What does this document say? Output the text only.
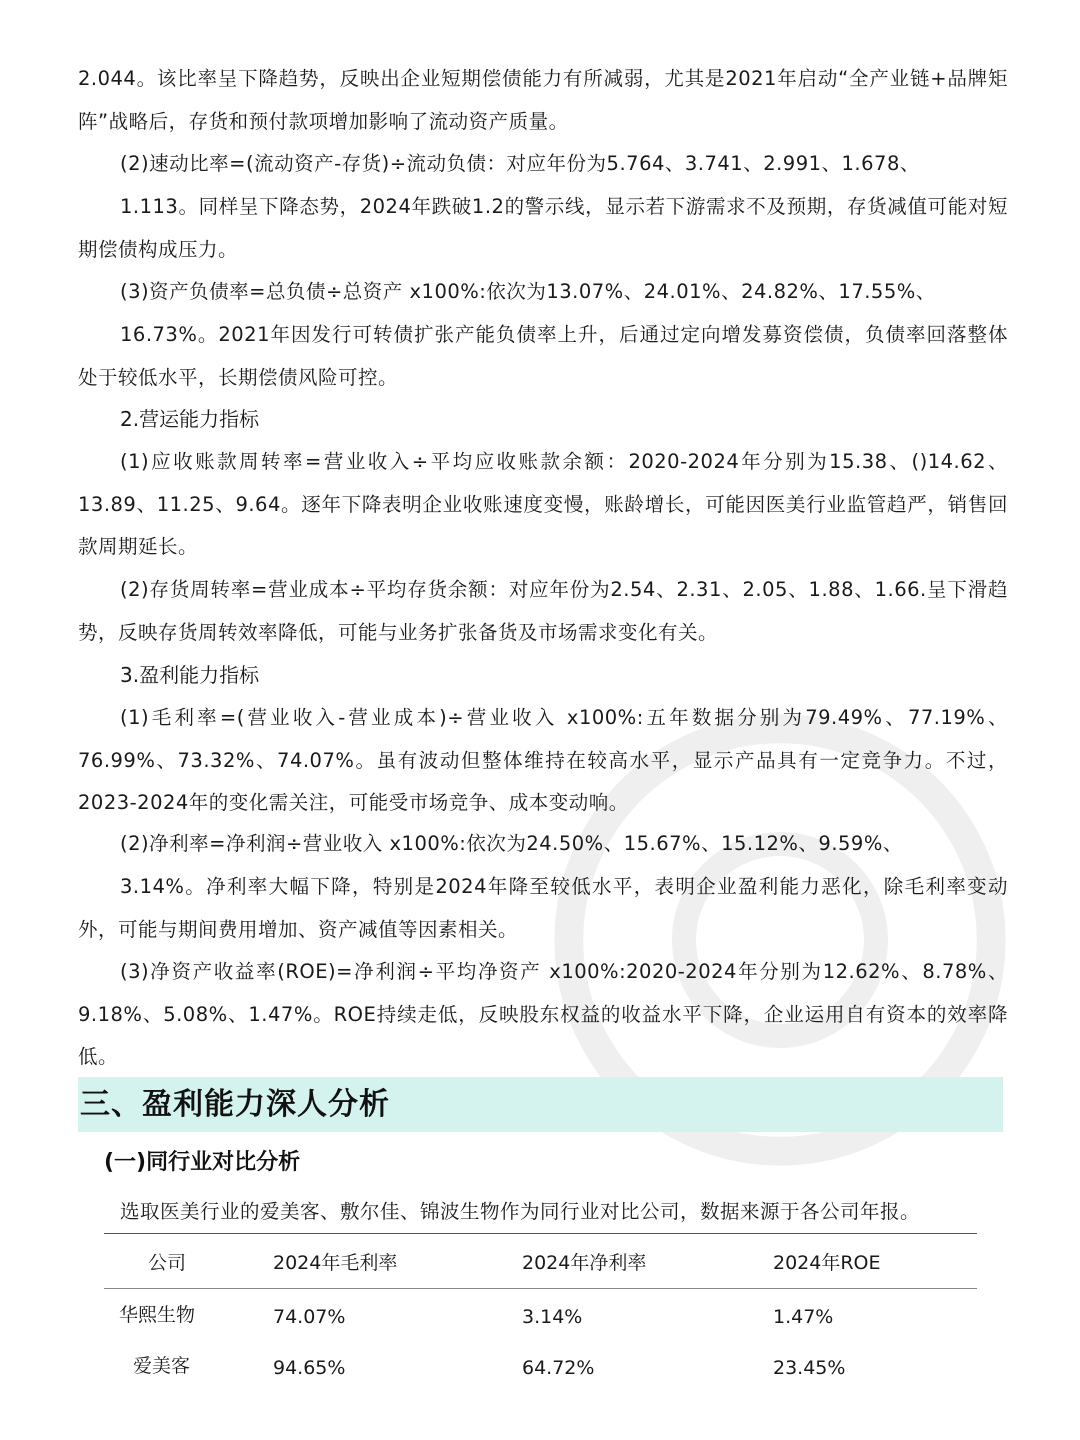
2.044。该比率呈下降趋势，反映出企业短期偿债能力有所减弱，尤其是2021年启动“全产业链+品牌矩阵”战略后，存货和预付款项增加影响了流动资产质量。

(2)速动比率=(流动资产-存货)÷流动负债：对应年份为5.764、3.741、2.991、1.678、

1.113。同样呈下降态势，2024年跌破1.2的警示线，显示若下游需求不及预期，存货减值可能对短期偿债构成压力。

(3)资产负债率=总负债÷总资产 x100%:依次为13.07%、24.01%、24.82%、17.55%、

16.73%。2021年因发行可转债扩张产能负债率上升，后通过定向增发募资偿债，负债率回落整体处于较低水平，长期偿债风险可控。

2.营运能力指标

(1)应收账款周转率=营业收入÷平均应收账款余额：2020-2024年分别为15.38、()14.62、13.89、11.25、9.64。逐年下降表明企业收账速度变慢，账龄增长，可能因医美行业监管趋严，销售回款周期延长。

(2)存货周转率=营业成本÷平均存货余额：对应年份为2.54、2.31、2.05、1.88、1.66.呈下滑趋势，反映存货周转效率降低，可能与业务扩张备货及市场需求变化有关。

3.盈利能力指标

(1)毛利率=(营业收入-营业成本)÷营业收入 x100%:五年数据分别为79.49%、77.19%、76.99%、73.32%、74.07%。虽有波动但整体维持在较高水平，显示产品具有一定竞争力。不过，2023-2024年的变化需关注，可能受市场竞争、成本变动响。

(2)净利率=净利润÷营业收入 x100%:依次为24.50%、15.67%、15.12%、9.59%、

3.14%。净利率大幅下降，特别是2024年降至较低水平，表明企业盈利能力恶化，除毛利率变动外，可能与期间费用增加、资产减值等因素相关。

(3)净资产收益率(ROE)=净利润÷平均净资产 x100%:2020-2024年分别为12.62%、8.78%、9.18%、5.08%、1.47%。ROE持续走低，反映股东权益的收益水平下降，企业运用自有资本的效率降低。

三、盈利能力深人分析
(一)同行业对比分析
选取医美行业的爱美客、敷尔佳、锦波生物作为同行业对比公司，数据来源于各公司年报。
公司	2024年毛利率	2024年净利率	2024年ROE
华熙生物	74.07%	3.14%	1.47%
爱美客	94.65%	64.72%	23.45%
